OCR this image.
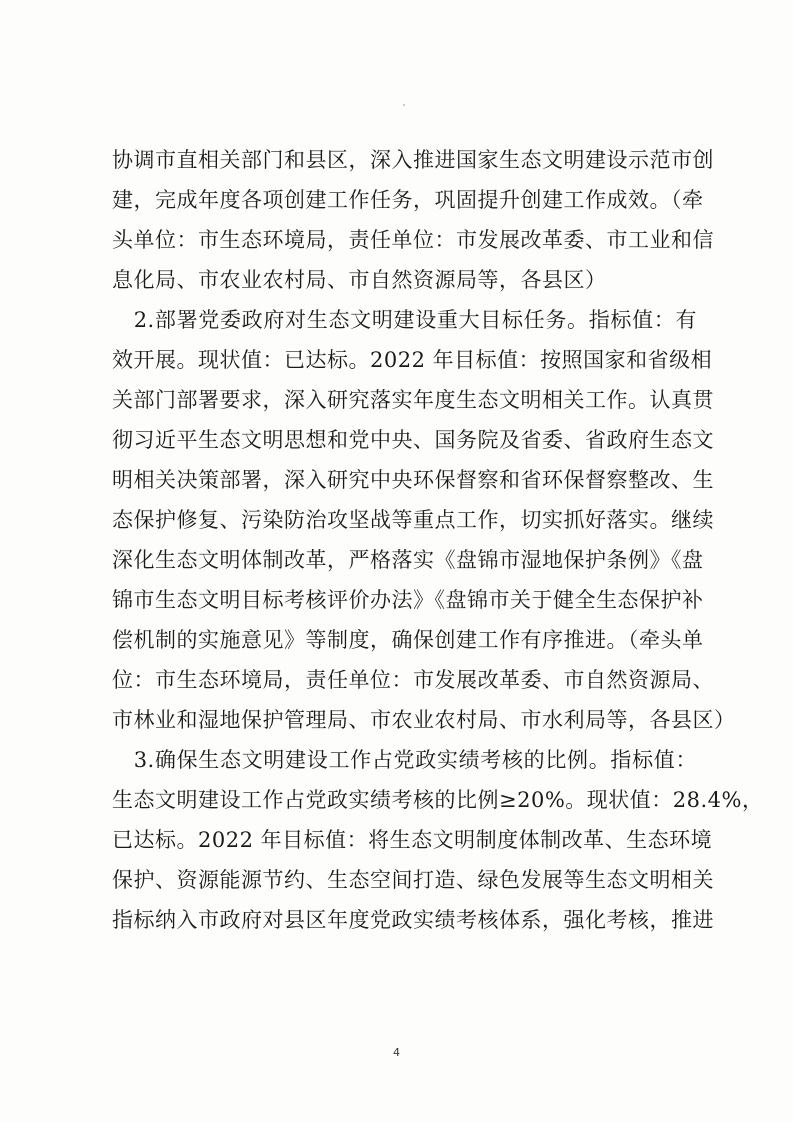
协调市直相关部门和县区，深入推进国家生态文明建设示范市创
建，完成年度各项创建工作任务，巩固提升创建工作成效。（牵
头单位：市生态环境局，责任单位：市发展改革委、市工业和信
息化局、市农业农村局、市自然资源局等，各县区）
　2.部署党委政府对生态文明建设重大目标任务。指标值：有
效开展。现状值：已达标。2022 年目标值：按照国家和省级相
关部门部署要求，深入研究落实年度生态文明相关工作。认真贯
彻习近平生态文明思想和党中央、国务院及省委、省政府生态文
明相关决策部署，深入研究中央环保督察和省环保督察整改、生
态保护修复、污染防治攻坚战等重点工作，切实抓好落实。继续
深化生态文明体制改革，严格落实《盘锦市湿地保护条例》《盘
锦市生态文明目标考核评价办法》《盘锦市关于健全生态保护补
偿机制的实施意见》等制度，确保创建工作有序推进。（牵头单
位：市生态环境局，责任单位：市发展改革委、市自然资源局、
市林业和湿地保护管理局、市农业农村局、市水利局等，各县区）
　3.确保生态文明建设工作占党政实绩考核的比例。指标值：
生态文明建设工作占党政实绩考核的比例≥20%。现状值：28.4%，
已达标。2022 年目标值：将生态文明制度体制改革、生态环境
保护、资源能源节约、生态空间打造、绿色发展等生态文明相关
指标纳入市政府对县区年度党政实绩考核体系，强化考核，推进
4
